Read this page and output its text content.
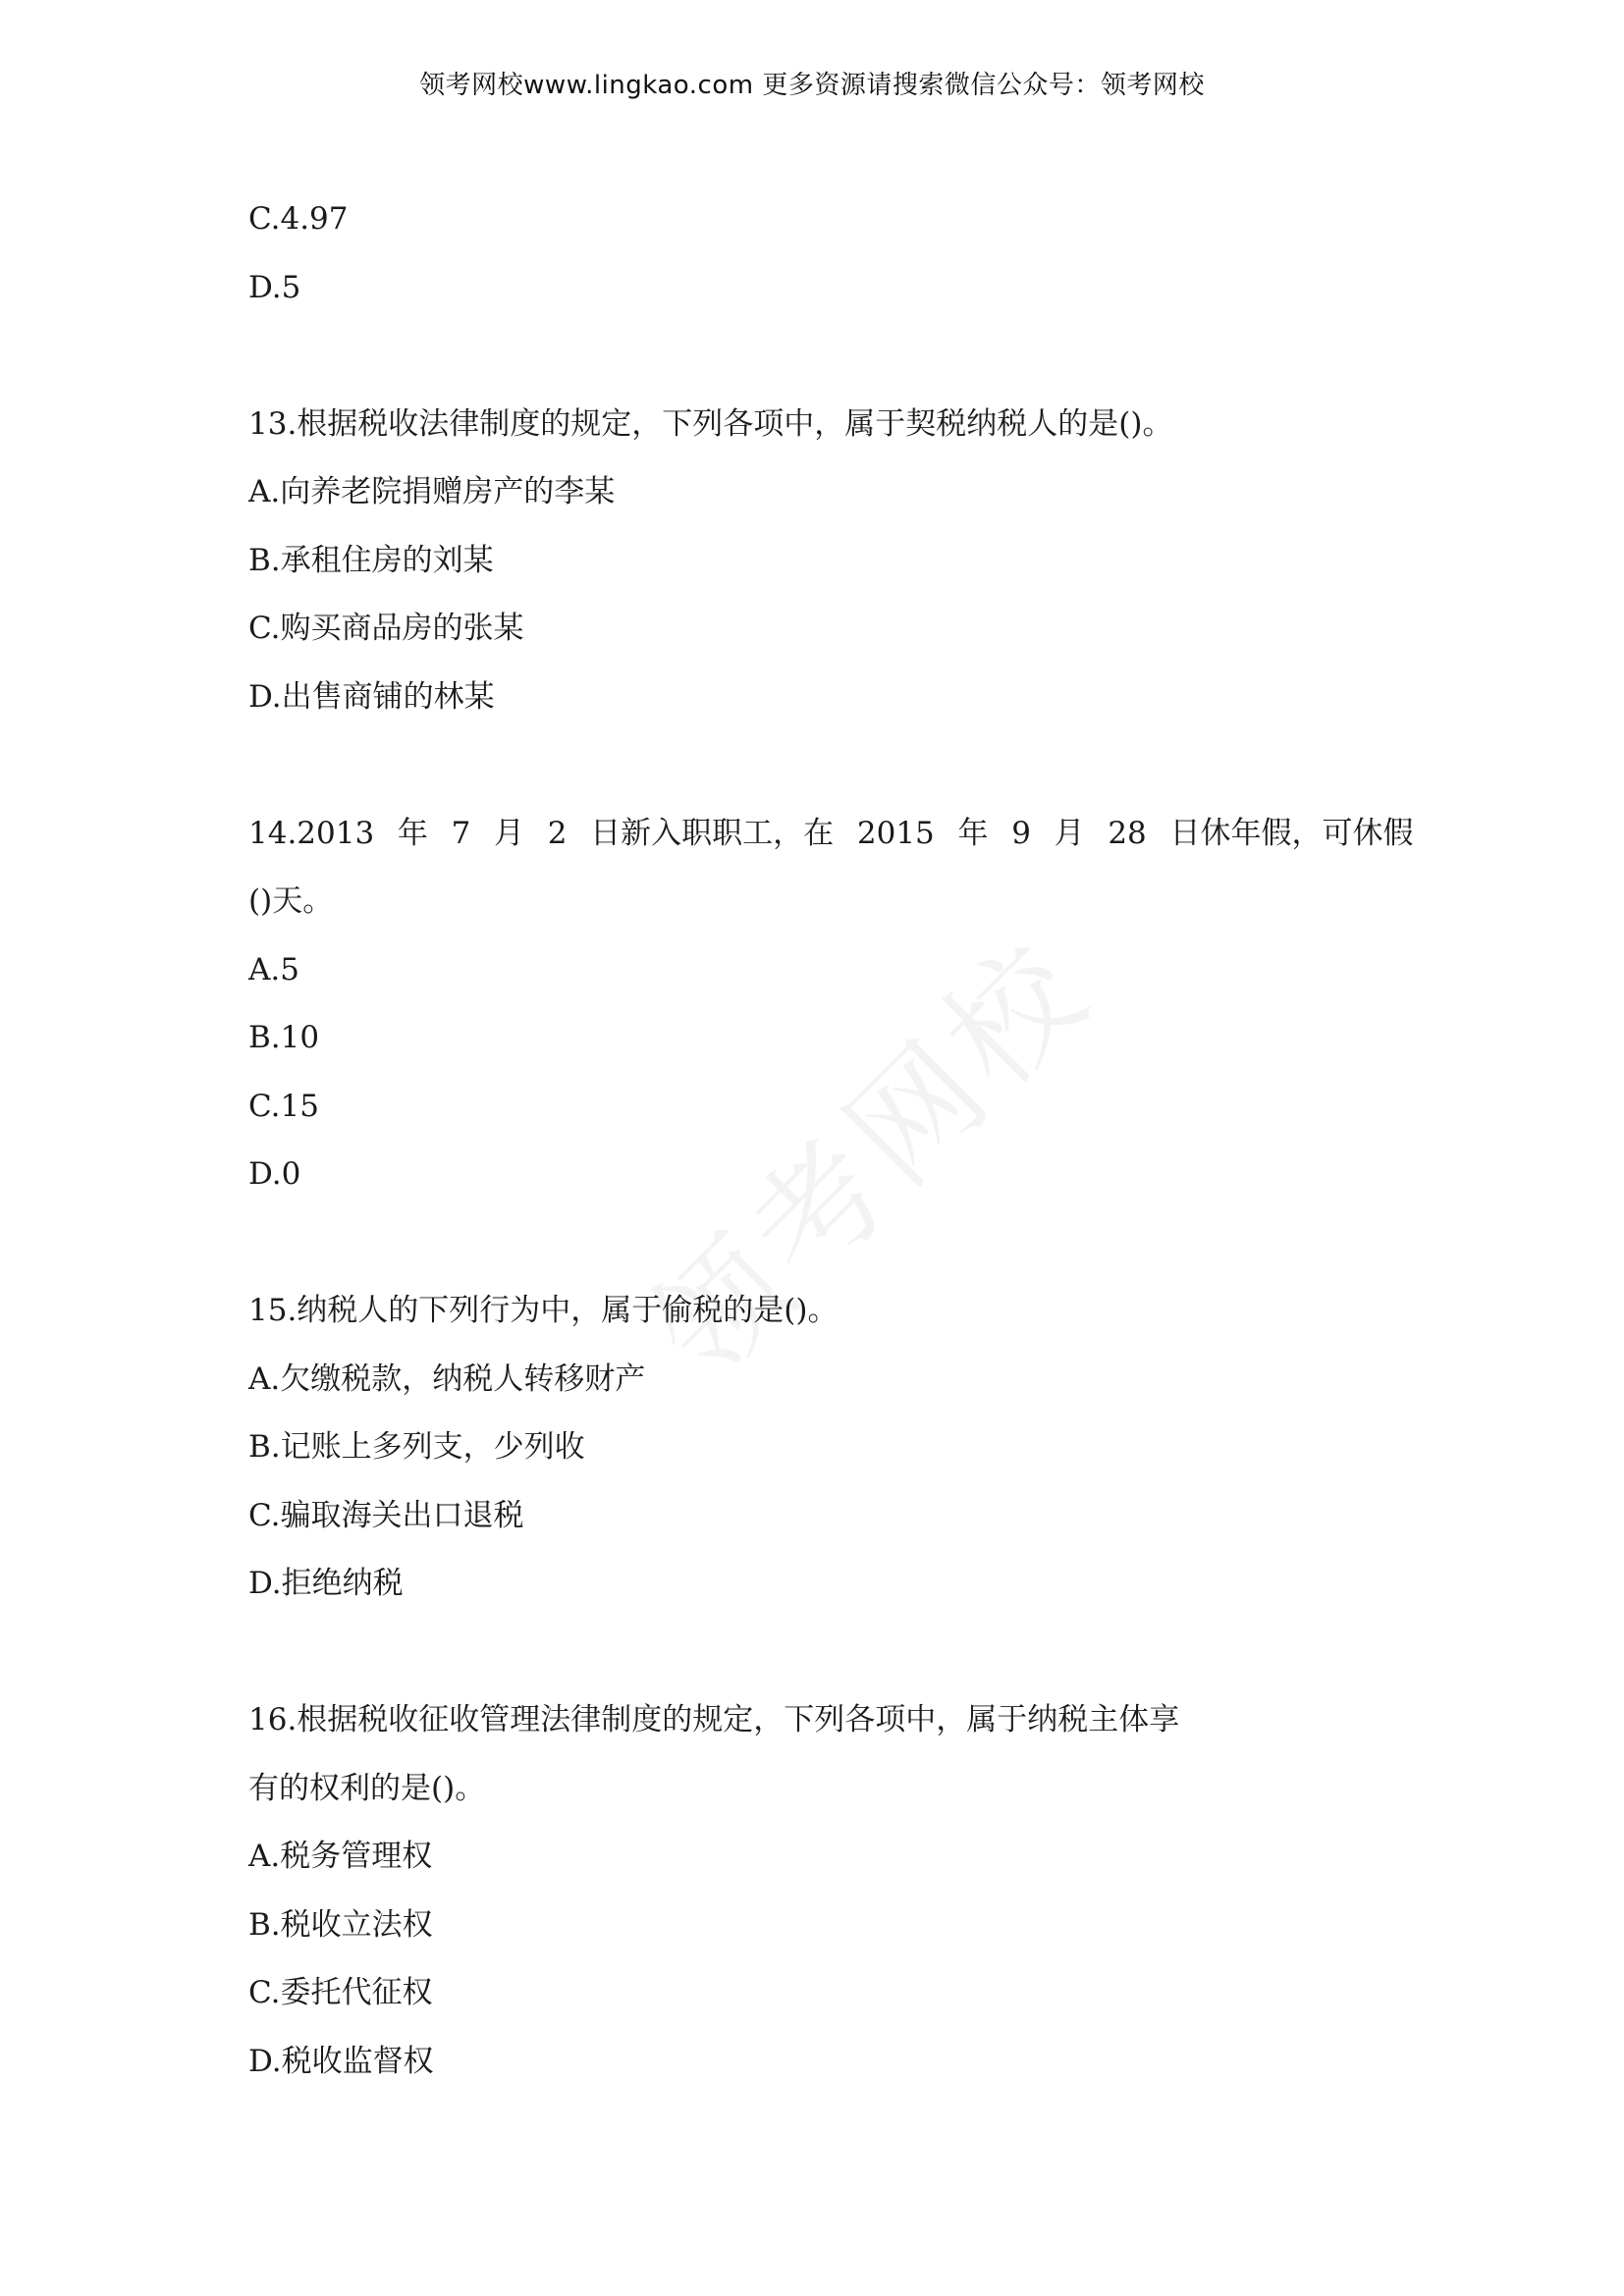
领考网校www.lingkao.com 更多资源请搜索微信公众号：领考网校
C.4.97
D.5
13.根据税收法律制度的规定，下列各项中，属于契税纳税人的是()。
A.向养老院捐赠房产的李某
B.承租住房的刘某
C.购买商品房的张某
D.出售商铺的林某
14.2013  年  7  月  2  日新入职职工，在  2015  年  9  月  28  日休年假，可休假
()天。
A.5
B.10
C.15
D.0
15.纳税人的下列行为中，属于偷税的是()。
A.欠缴税款，纳税人转移财产
B.记账上多列支，少列收
C.骗取海关出口退税
D.拒绝纳税
16.根据税收征收管理法律制度的规定，下列各项中，属于纳税主体享
有的权利的是()。
A.税务管理权
B.税收立法权
C.委托代征权
D.税收监督权
